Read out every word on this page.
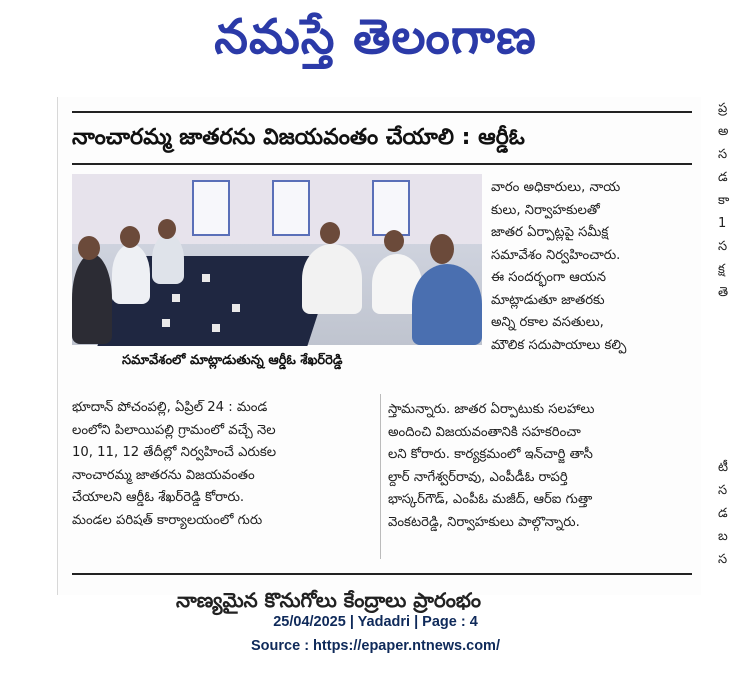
నమస్తే తెలంగాణ
నాంచారమ్మ జాతరను విజయవంతం చేయాలి : ఆర్డీఓ
సమావేశంలో మాట్లాడుతున్న ఆర్డీఓ శేఖర్‌రెడ్డి

వారం అధికారులు, నాయ

కులు, నిర్వాహకులతో

జాతర ఏర్పాట్లపై సమీక్ష

సమావేశం నిర్వహించారు.

ఈ సందర్భంగా ఆయన

మాట్లాడుతూ జాతరకు

అన్ని రకాల వసతులు,

మౌలిక సదుపాయాలు కల్పి

భూదాన్ పోచంపల్లి, ఏప్రిల్ 24 : మండ

లంలోని పిలాయిపల్లి గ్రామంలో వచ్చే నెల

10, 11, 12 తేదీల్లో నిర్వహించే ఎరుకల

నాంచారమ్మ జాతరను విజయవంతం

చేయాలని ఆర్డీఓ శేఖర్‌రెడ్డి కోరారు.

మండల పరిషత్ కార్యాలయంలో గురు

స్తామన్నారు. జాతర ఏర్పాటుకు సలహాలు

అందించి విజయవంతానికి సహకరించా

లని కోరారు. కార్యక్రమంలో ఇన్‌చార్జి తాసీ

ల్దార్ నాగేశ్వర్‌రావు, ఎంపీడీఓ రాపర్తి

భాస్కర్‌గౌడ్, ఎంపీఓ మజీద్, ఆర్‌ఐ గుత్తా

వెంకటరెడ్డి, నిర్వాహకులు పాల్గొన్నారు.

నాణ్యమైన కొనుగోలు కేంద్రాలు ప్రారంభం

ప్ర

అ

స

డ

కా

1

స

క్ష

తె

టీ

స

డ

బ

స

25/04/2025 | Yadadri | Page : 4
Source : https://epaper.ntnews.com/
